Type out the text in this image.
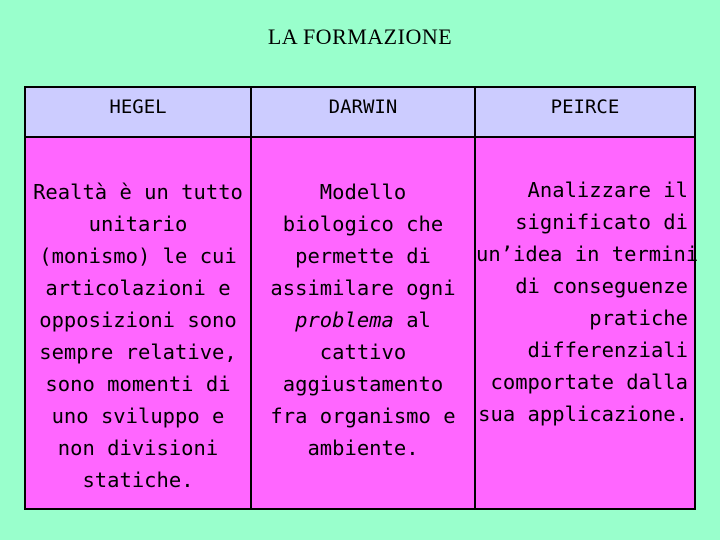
LA FORMAZIONE
HEGEL	DARWIN	PEIRCE
Realtà è un tutto
unitario
(monismo) le cui
articolazioni e
opposizioni sono
sempre relative,
sono momenti di
uno sviluppo e
non divisioni
statiche.
Modello
biologico che
permette di
assimilare ogni
problema al
cattivo
aggiustamento
fra organismo e
ambiente.
Analizzare il
significato di
un’idea in termini
di conseguenze
pratiche
differenziali
comportate dalla
sua applicazione.
